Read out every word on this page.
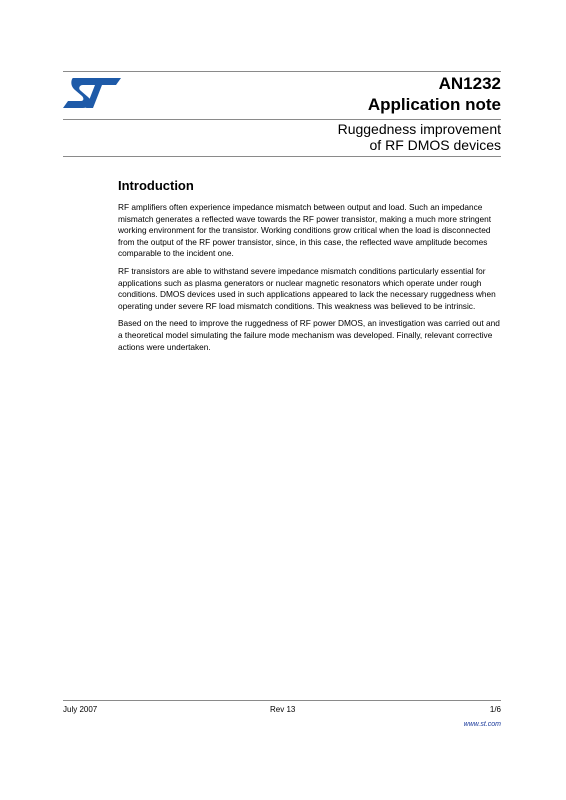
AN1232
Application note
Ruggedness improvement
of RF DMOS devices
Introduction

RF amplifiers often experience impedance mismatch between output and load. Such an impedance mismatch generates a reflected wave towards the RF power transistor, making a much more stringent working environment for the transistor. Working conditions grow critical when the load is disconnected from the output of the RF power transistor, since, in this case, the reflected wave amplitude becomes comparable to the incident one.

RF transistors are able to withstand severe impedance mismatch conditions particularly essential for applications such as plasma generators or nuclear magnetic resonators which operate under rough conditions. DMOS devices used in such applications appeared to lack the necessary ruggedness when operating under severe RF load mismatch conditions. This weakness was believed to be intrinsic.

Based on the need to improve the ruggedness of RF power DMOS, an investigation was carried out and a theoretical model simulating the failure mode mechanism was developed. Finally, relevant corrective actions were undertaken.

July 2007	Rev 13	1/6
www.st.com
